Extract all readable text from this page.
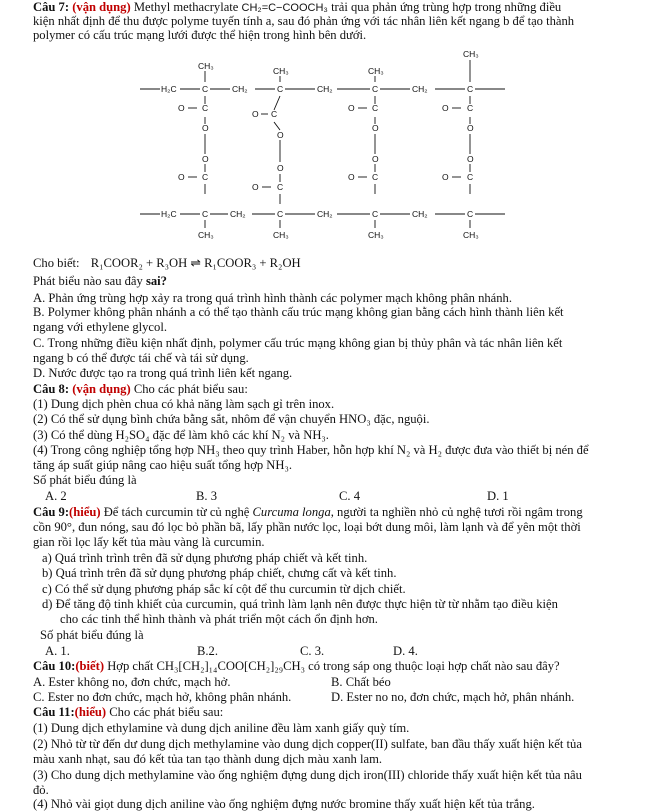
Câu 7: (vận dụng) Methyl methacrylate CH₂=C−COOCH₃ trải qua phản ứng trùng hợp trong những điều
kiện nhất định để thu được polyme tuyến tính a, sau đó phản ứng với tác nhân liên kết ngang b để tạo thành
polymer có cấu trúc mạng lưới được thể hiện trong hình bên dưới.
CH₃	CH₃	CH₃
CH₃
H₂C	C	CH₂	C	CH₂	C	CH₂	C
O C
O C
O C	O C
O
O
O	O
O
O
O	O
O C
O C
O C	O C
H₂C	C	CH₂	C	CH₂	C	CH₂	C
CH₃	CH₃	CH₃	CH₃
Cho biết: R₁COOR₂ + R₃OH ⇌ R₁COOR₃ + R₂OH
Phát biểu nào sau đây sai?
A. Phản ứng trùng hợp xảy ra trong quá trình hình thành các polymer mạch không phân nhánh.
B. Polymer không phân nhánh a có thể tạo thành cấu trúc mạng không gian bằng cách hình thành liên kết
ngang với ethylene glycol.
C. Trong những điều kiện nhất định, polymer cấu trúc mạng không gian bị thủy phân và tác nhân liên kết
ngang b có thể được tái chế và tái sử dụng.
D. Nước được tạo ra trong quá trình liên kết ngang.
Câu 8: (vận dụng) Cho các phát biểu sau:
(1) Dung dịch phèn chua có khả năng làm sạch gỉ trên inox.
(2) Có thể sử dụng bình chứa bằng sắt, nhôm để vận chuyển HNO₃ đặc, nguội.
(3) Có thể dùng H₂SO₄ đặc để làm khô các khí N₂ và NH₃.
(4) Trong công nghiệp tổng hợp NH₃ theo quy trình Haber, hỗn hợp khí N₂ và H₂ được đưa vào thiết bị nén để
tăng áp suất giúp nâng cao hiệu suất tổng hợp NH₃.
Số phát biểu đúng là
A. 2	B. 3	C. 4	D. 1
Câu 9:(hiểu) Để tách curcumin từ củ nghệ Curcuma longa, người ta nghiền nhỏ củ nghệ tươi rồi ngâm trong
cồn 90°, đun nóng, sau đó lọc bỏ phần bã, lấy phần nước lọc, loại bớt dung môi, làm lạnh và để yên một thời
gian rồi lọc lấy kết tủa màu vàng là curcumin.
a) Quá trình trình trên đã sử dụng phương pháp chiết và kết tinh.
b) Quá trình trên đã sử dụng phương pháp chiết, chưng cất và kết tinh.
c) Có thể sử dụng phương pháp sắc kí cột để thu curcumin từ dịch chiết.
d) Để tăng độ tinh khiết của curcumin, quá trình làm lạnh nên được thực hiện từ từ nhằm tạo điều kiện
cho các tinh thể hình thành và phát triển một cách ổn định hơn.
Số phát biểu đúng là
A. 1.	B.2.	C. 3.	D. 4.
Câu 10:(biết) Hợp chất CH₃[CH₂]₁₄COO[CH₂]₂₉CH₃ có trong sáp ong thuộc loại hợp chất nào sau đây?
A. Ester không no, đơn chức, mạch hở.	B. Chất béo
C. Ester no đơn chức, mạch hở, không phân nhánh.	D. Ester no no, đơn chức, mạch hở, phân nhánh.
Câu 11:(hiểu) Cho các phát biểu sau:
(1) Dung dịch ethylamine và dung dịch aniline đều làm xanh giấy quỳ tím.
(2) Nhỏ từ từ đến dư dung dịch methylamine vào dung dịch copper(II) sulfate, ban đầu thấy xuất hiện kết tủa
màu xanh nhạt, sau đó kết tủa tan tạo thành dung dịch màu xanh lam.
(3) Cho dung dịch methylamine vào ống nghiệm đựng dung dịch iron(III) chloride thấy xuất hiện kết tủa nâu
đỏ.
(4) Nhỏ vài giọt dung dịch aniline vào ống nghiệm đựng nước bromine thấy xuất hiện kết tủa trắng.
